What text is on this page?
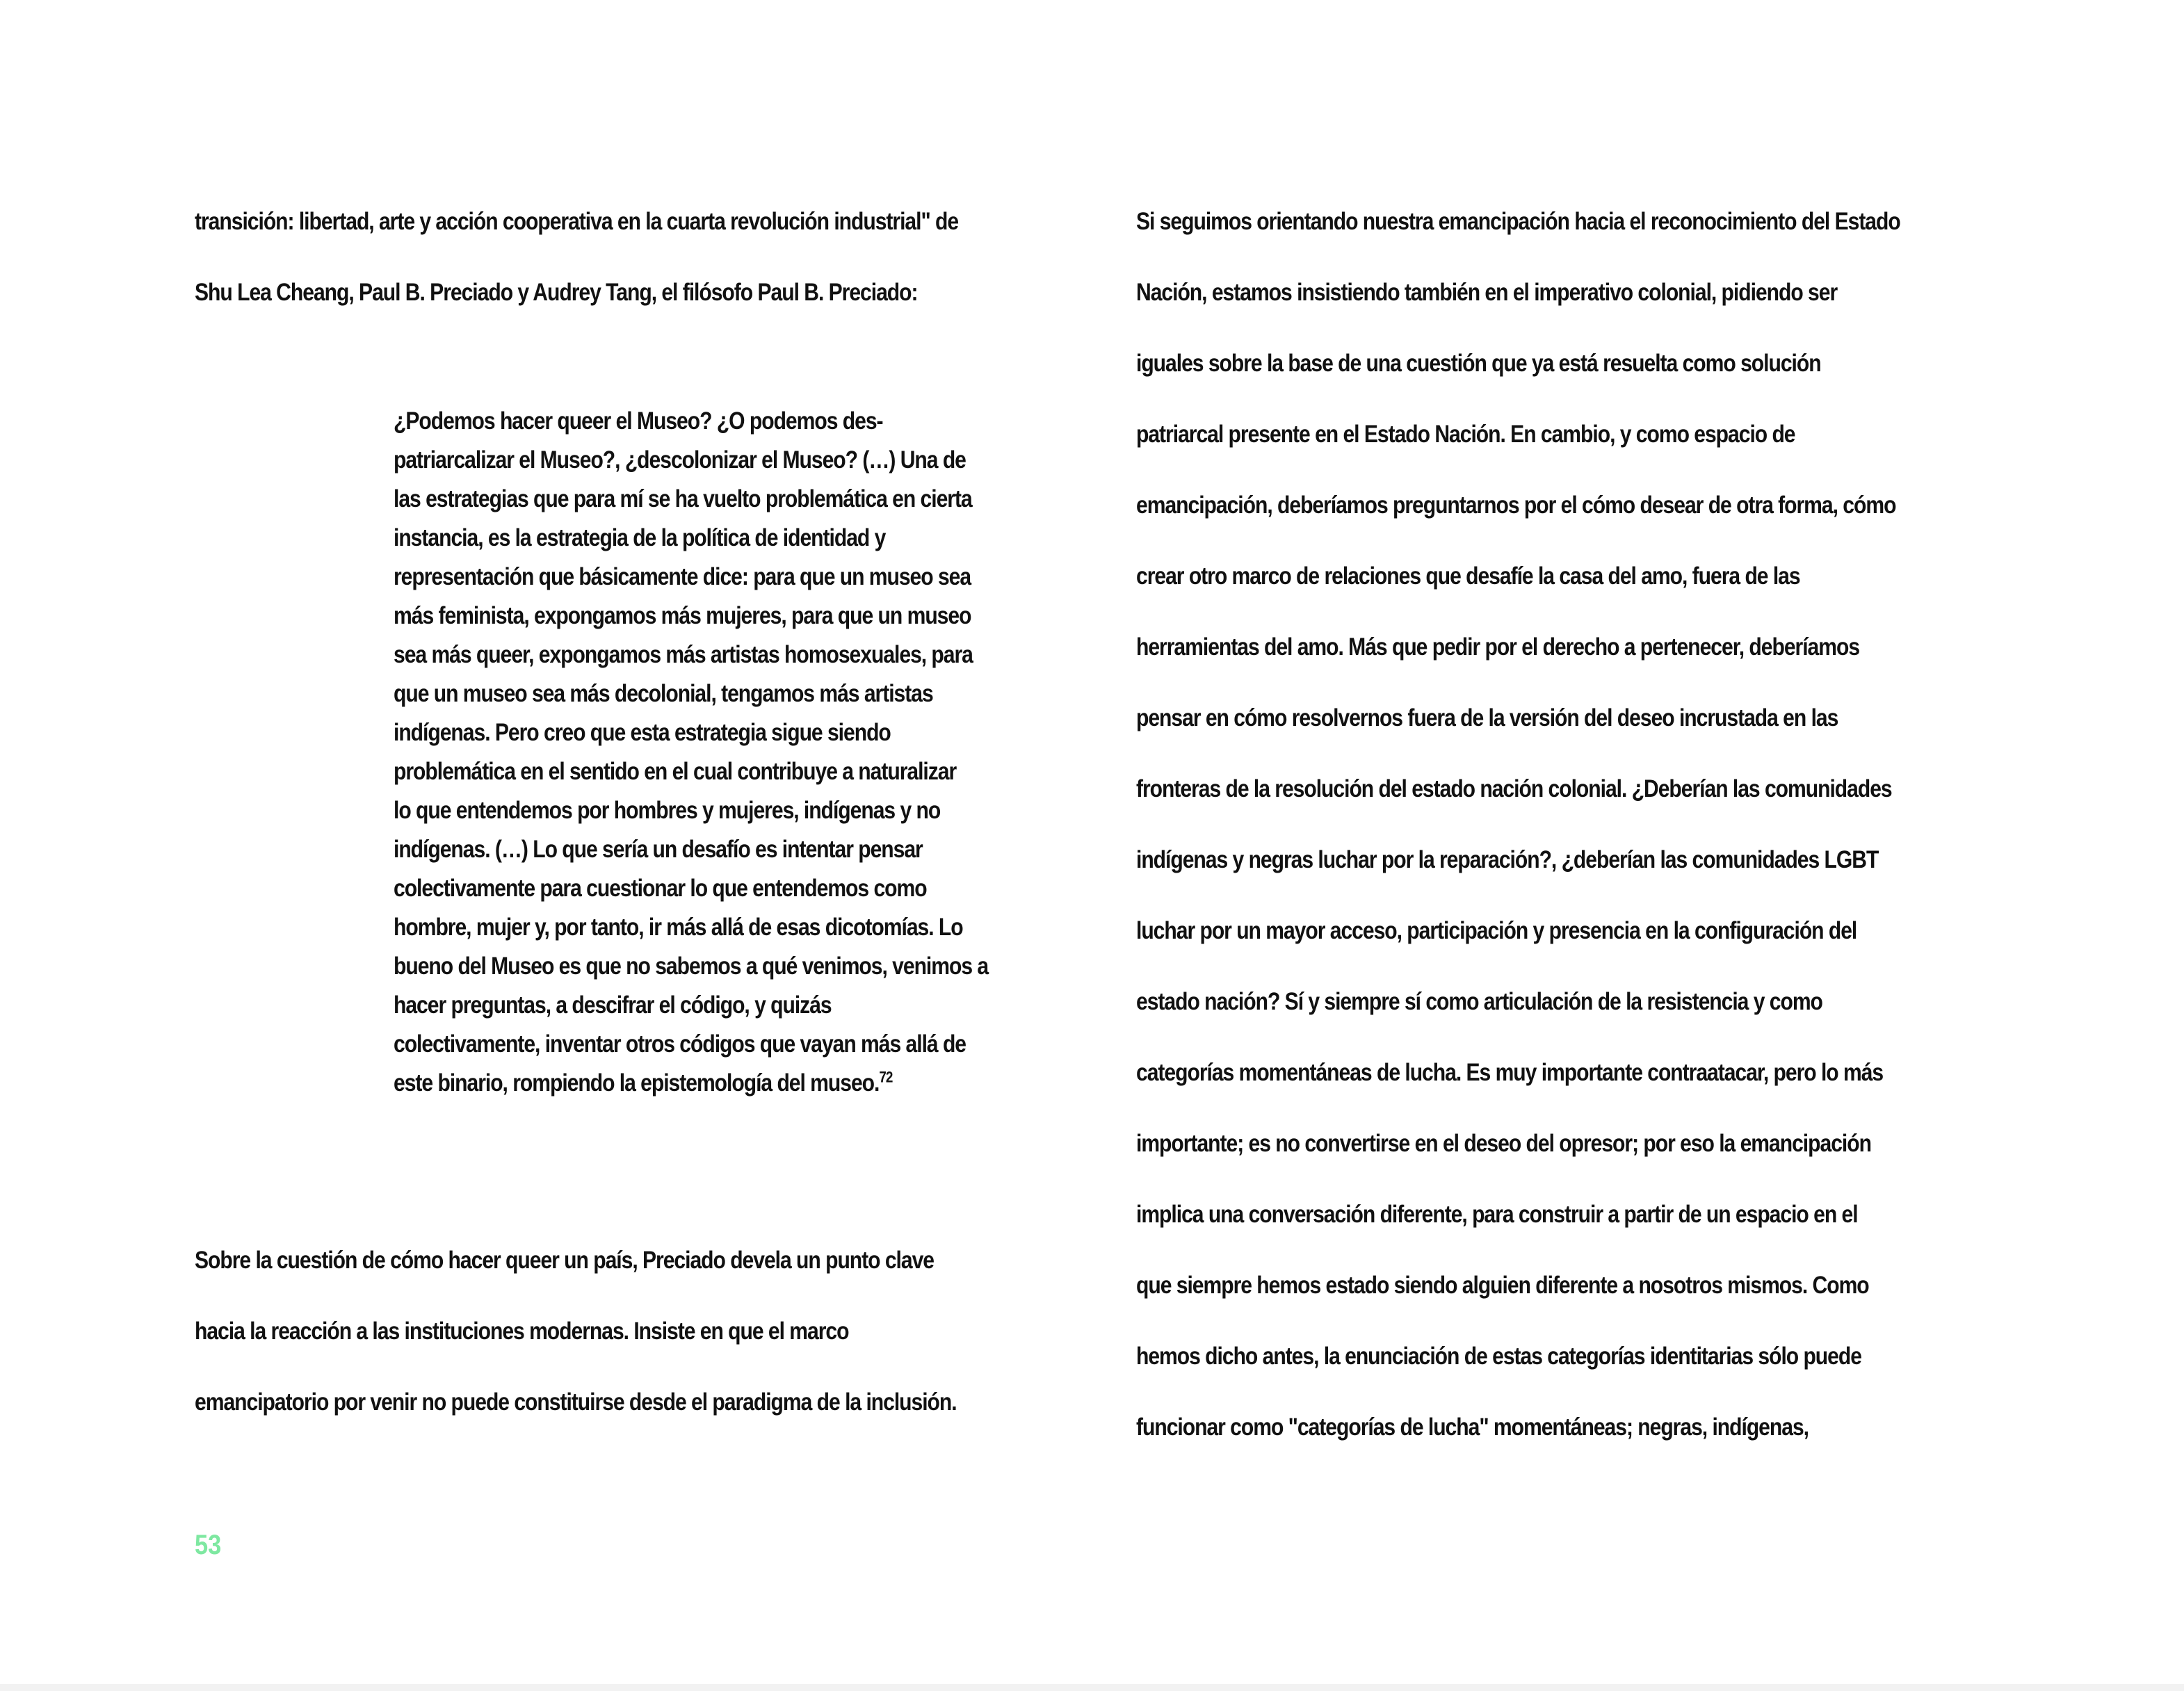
transición: libertad, arte y acción cooperativa en la cuarta revolución industrial" de
Shu Lea Cheang, Paul B. Preciado y Audrey Tang, el filósofo Paul B. Preciado:
¿Podemos hacer queer el Museo? ¿O podemos des-
patriarcalizar el Museo?, ¿descolonizar el Museo? (…) Una de
las estrategias que para mí se ha vuelto problemática en cierta
instancia, es la estrategia de la política de identidad y
representación que básicamente dice: para que un museo sea
más feminista, expongamos más mujeres, para que un museo
sea más queer, expongamos más artistas homosexuales, para
que un museo sea más decolonial, tengamos más artistas
indígenas. Pero creo que esta estrategia sigue siendo
problemática en el sentido en el cual contribuye a naturalizar
lo que entendemos por hombres y mujeres, indígenas y no
indígenas. (…) Lo que sería un desafío es intentar pensar
colectivamente para cuestionar lo que entendemos como
hombre, mujer y, por tanto, ir más allá de esas dicotomías. Lo
bueno del Museo es que no sabemos a qué venimos, venimos a
hacer preguntas, a descifrar el código, y quizás
colectivamente, inventar otros códigos que vayan más allá de
este binario, rompiendo la epistemología del museo.$^{72}$
Sobre la cuestión de cómo hacer queer un país, Preciado devela un punto clave
hacia la reacción a las instituciones modernas. Insiste en que el marco
emancipatorio por venir no puede constituirse desde el paradigma de la inclusión.
Si seguimos orientando nuestra emancipación hacia el reconocimiento del Estado
Nación, estamos insistiendo también en el imperativo colonial, pidiendo ser
iguales sobre la base de una cuestión que ya está resuelta como solución
patriarcal presente en el Estado Nación. En cambio, y como espacio de
emancipación, deberíamos preguntarnos por el cómo desear de otra forma, cómo
crear otro marco de relaciones que desafíe la casa del amo, fuera de las
herramientas del amo. Más que pedir por el derecho a pertenecer, deberíamos
pensar en cómo resolvernos fuera de la versión del deseo incrustada en las
fronteras de la resolución del estado nación colonial. ¿Deberían las comunidades
indígenas y negras luchar por la reparación?, ¿deberían las comunidades LGBT
luchar por un mayor acceso, participación y presencia en la configuración del
estado nación? Sí y siempre sí como articulación de la resistencia y como
categorías momentáneas de lucha. Es muy importante contraatacar, pero lo más
importante; es no convertirse en el deseo del opresor; por eso la emancipación
implica una conversación diferente, para construir a partir de un espacio en el
que siempre hemos estado siendo alguien diferente a nosotros mismos. Como
hemos dicho antes, la enunciación de estas categorías identitarias sólo puede
funcionar como "categorías de lucha" momentáneas; negras, indígenas,
53
